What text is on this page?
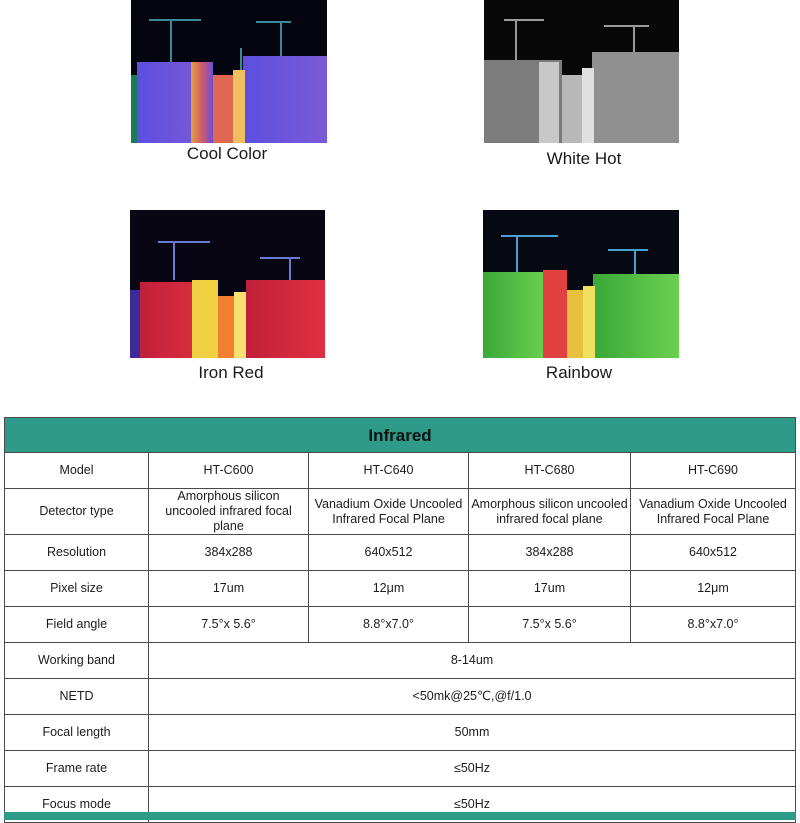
Cool Color	White Hot
Iron Red	Rainbow
Infrared				
Model	HT-C600	HT-C640	HT-C680	HT-C690
Detector type	Amorphous silicon uncooled infrared focal plane	Vanadium Oxide Uncooled Infrared Focal Plane	Amorphous silicon uncooled infrared focal plane	Vanadium Oxide Uncooled Infrared Focal Plane
Resolution	384x288	640x512	384x288	640x512
Pixel size	17um	12μm	17um	12μm
Field angle	7.5°x 5.6°	8.8°x7.0°	7.5°x 5.6°	8.8°x7.0°
Working band	8-14um			
NETD	<50mk@25℃,@f/1.0			
Focal length	50mm			
Frame rate	≤50Hz			
Focus mode	≤50Hz			
